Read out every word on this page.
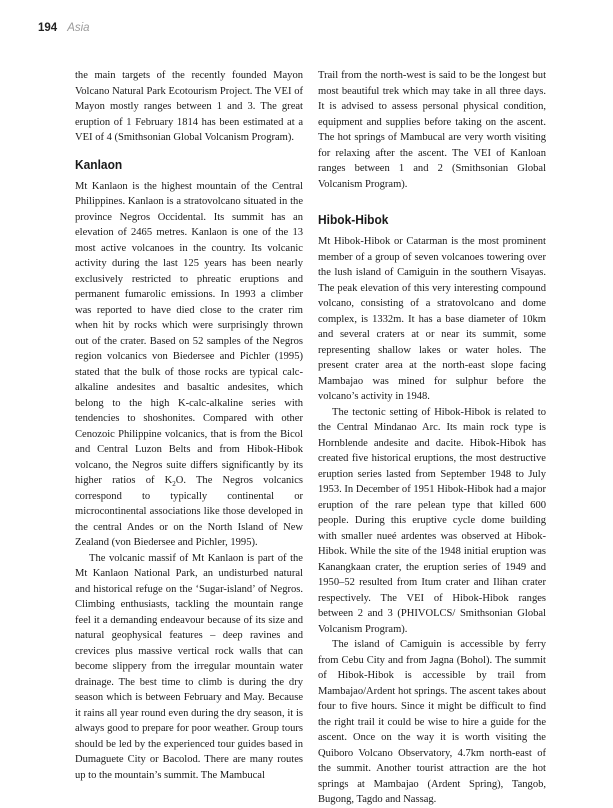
194 Asia

the main targets of the recently founded Mayon Volcano Natural Park Ecotourism Project. The VEI of Mayon mostly ranges between 1 and 3. The great eruption of 1 February 1814 has been estimated at a VEI of 4 (Smithsonian Global Volcanism Program).

Kanlaon

Mt Kanlaon is the highest mountain of the Central Philippines. Kanlaon is a stratovolcano situated in the province Negros Occidental. Its summit has an elevation of 2465 metres. Kanlaon is one of the 13 most active volcanoes in the country. Its volcanic activity during the last 125 years has been nearly exclusively restricted to phreatic eruptions and permanent fumarolic emissions. In 1993 a climber was reported to have died close to the crater rim when hit by rocks which were surprisingly thrown out of the crater. Based on 52 samples of the Negros region volcanics von Biedersee and Pichler (1995) stated that the bulk of those rocks are typical calc-alkaline andesites and basaltic andesites, which belong to the high K-calc-alkaline series with tendencies to shoshonites. Compared with other Cenozoic Philippine volcanics, that is from the Bicol and Central Luzon Belts and from Hibok-Hibok volcano, the Negros suite differs significantly by its higher ratios of $K_2O$. The Negros volcanics correspond to typically continental or microcontinental associations like those developed in the central Andes or on the North Island of New Zealand (von Biedersee and Pichler, 1995).

The volcanic massif of Mt Kanlaon is part of the Mt Kanlaon National Park, an undisturbed natural and historical refuge on the ‘Sugar-island’ of Negros. Climbing enthusiasts, tackling the mountain range feel it a demanding endeavour because of its size and natural geophysical features – deep ravines and crevices plus massive vertical rock walls that can become slippery from the irregular mountain water drainage. The best time to climb is during the dry season which is between February and May. Because it rains all year round even during the dry season, it is always good to prepare for poor weather. Group tours should be led by the experienced tour guides based in Dumaguete City or Bacolod. There are many routes up to the mountain’s summit. The Mambucal

Trail from the north-west is said to be the longest but most beautiful trek which may take in all three days. It is advised to assess personal physical condition, equipment and supplies before taking on the ascent. The hot springs of Mambucal are very worth visiting for relaxing after the ascent. The VEI of Kanloan ranges between 1 and 2 (Smithsonian Global Volcanism Program).

Hibok-Hibok

Mt Hibok-Hibok or Catarman is the most prominent member of a group of seven volcanoes towering over the lush island of Camiguin in the southern Visayas. The peak elevation of this very interesting compound volcano, consisting of a stratovolcano and dome complex, is 1332m. It has a base diameter of 10km and several craters at or near its summit, some representing shallow lakes or water holes. The present crater area at the north-east slope facing Mambajao was mined for sulphur before the volcano’s activity in 1948.

The tectonic setting of Hibok-Hibok is related to the Central Mindanao Arc. Its main rock type is Hornblende andesite and dacite. Hibok-Hibok has created five historical eruptions, the most destructive eruption series lasted from September 1948 to July 1953. In December of 1951 Hibok-Hibok had a major eruption of the rare pelean type that killed 600 people. During this eruptive cycle dome building with smaller nueé ardentes was observed at Hibok-Hibok. While the site of the 1948 initial eruption was Kanangkaan crater, the eruption series of 1949 and 1950–52 resulted from Itum crater and Ilihan crater respectively. The VEI of Hibok-Hibok ranges between 2 and 3 (PHIVOLCS/ Smithsonian Global Volcanism Program).

The island of Camiguin is accessible by ferry from Cebu City and from Jagna (Bohol). The summit of Hibok-Hibok is accessible by trail from Mambajao/Ardent hot springs. The ascent takes about four to five hours. Since it might be difficult to find the right trail it could be wise to hire a guide for the ascent. Once on the way it is worth visiting the Quiboro Volcano Observatory, 4.7km north-east of the summit. Another tourist attraction are the hot springs at Mambajao (Ardent Spring), Tangob, Bugong, Tagdo and Nassag.
